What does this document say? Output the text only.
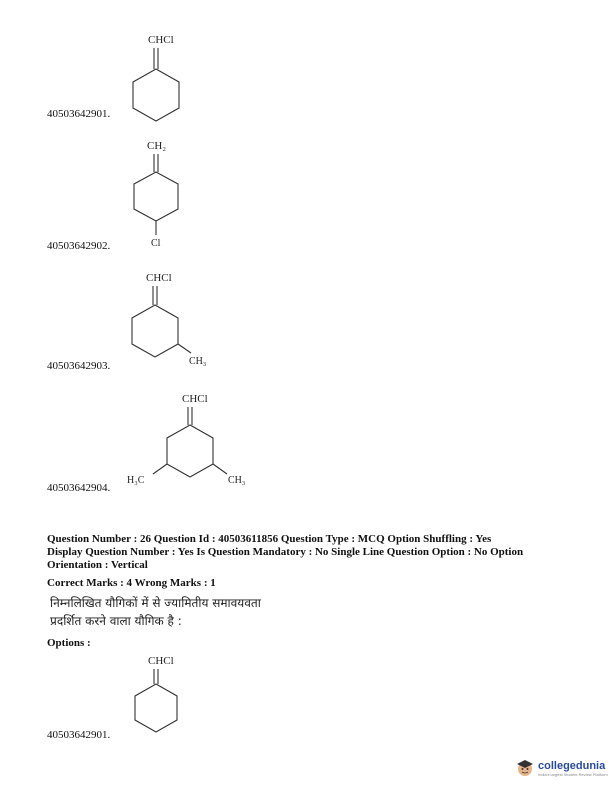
CHCl
40503642901.
CH₂
Cl
40503642902.
CHCl
CH₃
40503642903.
CHCl
H₃C	CH₃
40503642904.
Question Number : 26 Question Id : 40503611856 Question Type : MCQ Option Shuffling : Yes
Display Question Number : Yes Is Question Mandatory : No Single Line Question Option : No Option
Orientation : Vertical
Correct Marks : 4 Wrong Marks : 1
निम्नलिखित यौगिकों में से ज्यामितीय समावयवता
प्रदर्शित करने वाला यौगिक है :
Options :
CHCl
40503642901.
collegedunia
India's largest Student Review Platform
